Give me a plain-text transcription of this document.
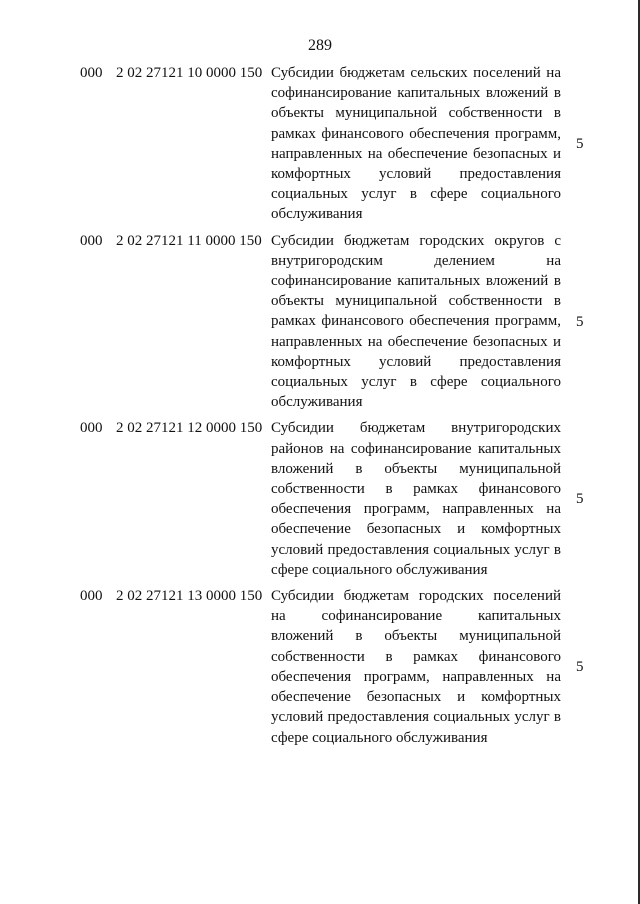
289
000 2 02 27121 10 0000 150 Субсидии бюджетам сельских поселений на софинансирование капитальных вложений в объекты муниципальной собственности в рамках финансового обеспечения программ, направленных на обеспечение безопасных и комфортных условий предоставления социальных услуг в сфере социального обслуживания
5
000 2 02 27121 11 0000 150 Субсидии бюджетам городских округов с внутригородским делением на софинансирование капитальных вложений в объекты муниципальной собственности в рамках финансового обеспечения программ, направленных на обеспечение безопасных и комфортных условий предоставления социальных услуг в сфере социального обслуживания
5
000 2 02 27121 12 0000 150 Субсидии бюджетам внутригородских районов на софинансирование капитальных вложений в объекты муниципальной собственности в рамках финансового обеспечения программ, направленных на обеспечение безопасных и комфортных условий предоставления социальных услуг в сфере социального обслуживания
5
000 2 02 27121 13 0000 150 Субсидии бюджетам городских поселений на софинансирование капитальных вложений в объекты муниципальной собственности в рамках финансового обеспечения программ, направленных на обеспечение безопасных и комфортных условий предоставления социальных услуг в сфере социального обслуживания
5
